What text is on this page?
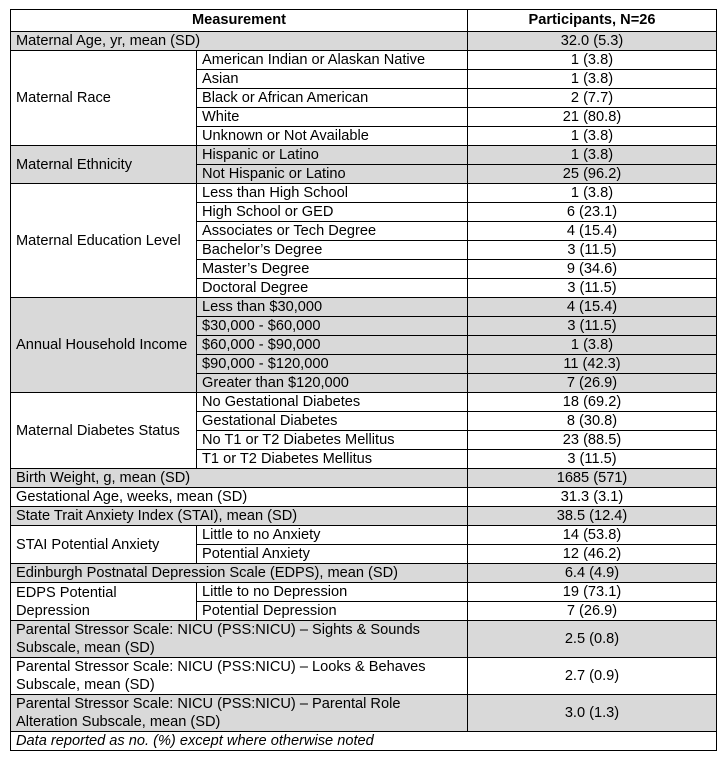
Measurement		Participants, N=26
Maternal Age, yr, mean (SD)		32.0 (5.3)
Maternal Race	American Indian or Alaskan Native	1 (3.8)
	Asian	1 (3.8)
	Black or African American	2 (7.7)
	White	21 (80.8)
	Unknown or Not Available	1 (3.8)
Maternal Ethnicity	Hispanic or Latino	1 (3.8)
	Not Hispanic or Latino	25 (96.2)
Maternal Education Level	Less than High School	1 (3.8)
	High School or GED	6 (23.1)
	Associates or Tech Degree	4 (15.4)
	Bachelor’s Degree	3 (11.5)
	Master’s Degree	9 (34.6)
	Doctoral Degree	3 (11.5)
Annual Household Income	Less than $30,000	4 (15.4)
	$30,000 - $60,000	3 (11.5)
	$60,000 - $90,000	1 (3.8)
	$90,000 - $120,000	11 (42.3)
	Greater than $120,000	7 (26.9)
Maternal Diabetes Status	No Gestational Diabetes	18 (69.2)
	Gestational Diabetes	8 (30.8)
	No T1 or T2 Diabetes Mellitus	23 (88.5)
	T1 or T2 Diabetes Mellitus	3 (11.5)
Birth Weight, g, mean (SD)		1685 (571)
Gestational Age, weeks, mean (SD)		31.3 (3.1)
State Trait Anxiety Index (STAI), mean (SD)		38.5 (12.4)
STAI Potential Anxiety	Little to no Anxiety	14 (53.8)
	Potential Anxiety	12 (46.2)
Edinburgh Postnatal Depression Scale (EDPS), mean (SD)		6.4 (4.9)
EDPS Potential Depression	Little to no Depression	19 (73.1)
	Potential Depression	7 (26.9)
Parental Stressor Scale: NICU (PSS:NICU) – Sights & Sounds Subscale, mean (SD)		2.5 (0.8)
Parental Stressor Scale: NICU (PSS:NICU) – Looks & Behaves Subscale, mean (SD)		2.7 (0.9)
Parental Stressor Scale: NICU (PSS:NICU) – Parental Role Alteration Subscale, mean (SD)		3.0 (1.3)
Data reported as no. (%) except where otherwise noted		
